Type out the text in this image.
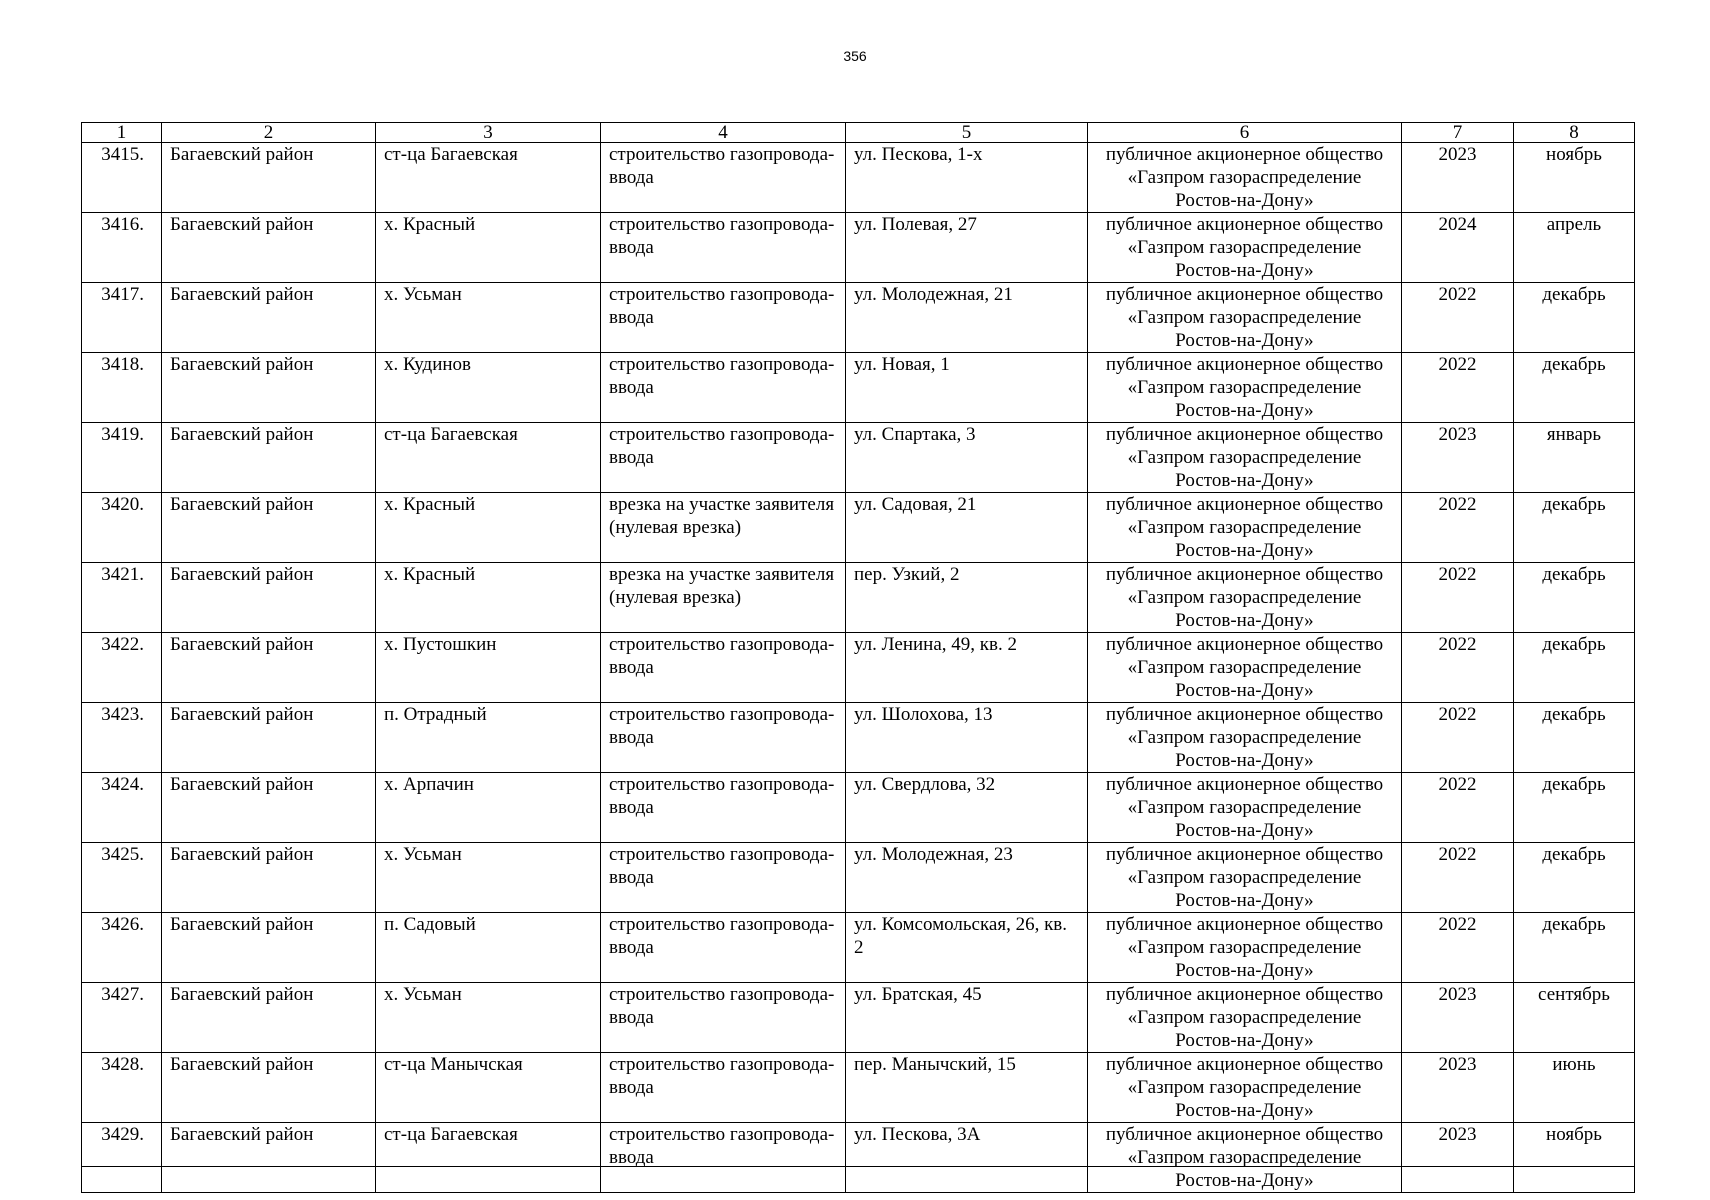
356
1	2	3	4	5	6	7	8
3415.	Багаевский район	ст-ца Багаевская	строительство газопровода-ввода	ул. Пескова, 1-х	публичное акционерное общество «Газпром газораспределение Ростов-на-Дону»	2023	ноябрь
3416.	Багаевский район	х. Красный	строительство газопровода-ввода	ул. Полевая, 27	публичное акционерное общество «Газпром газораспределение Ростов-на-Дону»	2024	апрель
3417.	Багаевский район	х. Усьман	строительство газопровода-ввода	ул. Молодежная, 21	публичное акционерное общество «Газпром газораспределение Ростов-на-Дону»	2022	декабрь
3418.	Багаевский район	х. Кудинов	строительство газопровода-ввода	ул. Новая, 1	публичное акционерное общество «Газпром газораспределение Ростов-на-Дону»	2022	декабрь
3419.	Багаевский район	ст-ца Багаевская	строительство газопровода-ввода	ул. Спартака, 3	публичное акционерное общество «Газпром газораспределение Ростов-на-Дону»	2023	январь
3420.	Багаевский район	х. Красный	врезка на участке заявителя (нулевая врезка)	ул. Садовая, 21	публичное акционерное общество «Газпром газораспределение Ростов-на-Дону»	2022	декабрь
3421.	Багаевский район	х. Красный	врезка на участке заявителя (нулевая врезка)	пер. Узкий, 2	публичное акционерное общество «Газпром газораспределение Ростов-на-Дону»	2022	декабрь
3422.	Багаевский район	х. Пустошкин	строительство газопровода-ввода	ул. Ленина, 49, кв. 2	публичное акционерное общество «Газпром газораспределение Ростов-на-Дону»	2022	декабрь
3423.	Багаевский район	п. Отрадный	строительство газопровода-ввода	ул. Шолохова, 13	публичное акционерное общество «Газпром газораспределение Ростов-на-Дону»	2022	декабрь
3424.	Багаевский район	х. Арпачин	строительство газопровода-ввода	ул. Свердлова, 32	публичное акционерное общество «Газпром газораспределение Ростов-на-Дону»	2022	декабрь
3425.	Багаевский район	х. Усьман	строительство газопровода-ввода	ул. Молодежная, 23	публичное акционерное общество «Газпром газораспределение Ростов-на-Дону»	2022	декабрь
3426.	Багаевский район	п. Садовый	строительство газопровода-ввода	ул. Комсомольская, 26, кв. 2	публичное акционерное общество «Газпром газораспределение Ростов-на-Дону»	2022	декабрь
3427.	Багаевский район	х. Усьман	строительство газопровода-ввода	ул. Братская, 45	публичное акционерное общество «Газпром газораспределение Ростов-на-Дону»	2023	сентябрь
3428.	Багаевский район	ст-ца Манычская	строительство газопровода-ввода	пер. Манычский, 15	публичное акционерное общество «Газпром газораспределение Ростов-на-Дону»	2023	июнь
3429.	Багаевский район	ст-ца Багаевская	строительство газопровода-ввода	ул. Пескова, 3А	публичное акционерное общество «Газпром газораспределение Ростов-на-Дону»	2023	ноябрь
